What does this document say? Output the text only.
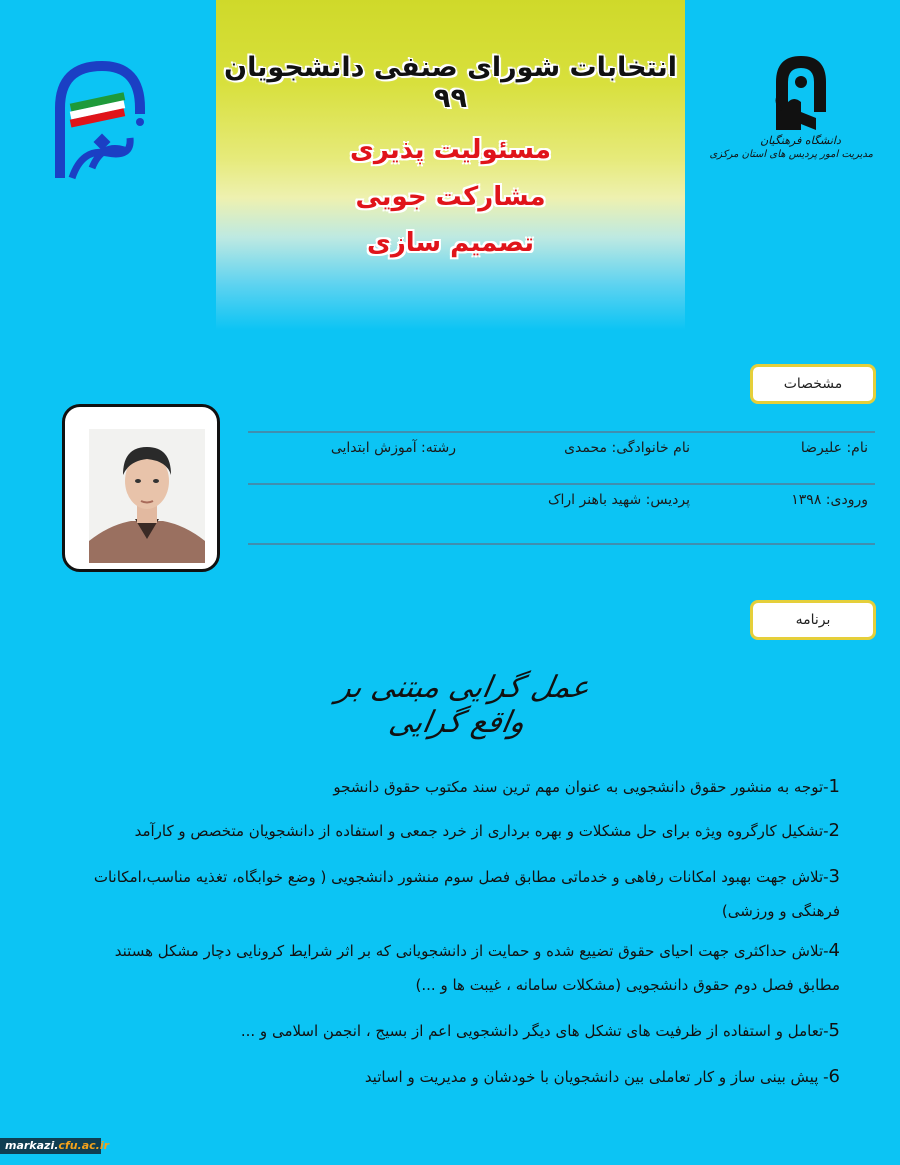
انتخابات شورای صنفی دانشجویان ۹۹
مسئولیت پذیری
مشارکت جویی
تصمیم سازی
دانشگاه فرهنگیان
مدیریت امور پردیس های استان مرکزی
مشخصات
نام: علیرضا
نام خانوادگی: محمدی
رشته: آموزش ابتدایی
ورودی: ۱۳۹۸
پردیس: شهید باهنر اراک
برنامه
عمل گرایی مبتنی بر واقع گرایی
1-توجه به منشور حقوق دانشجویی به عنوان مهم ترین سند مکتوب حقوق دانشجو
2-تشکیل کارگروه ویژه برای حل مشکلات و بهره برداری از خرد جمعی و استفاده از دانشجویان متخصص و کارآمد
3-تلاش جهت بهبود امکانات رفاهی و خدماتی مطابق فصل سوم منشور دانشجویی ( وضع خوابگاه، تغذیه مناسب،امکانات فرهنگی و ورزشی)
4-تلاش حداکثری جهت احیای حقوق تضییع شده و حمایت از دانشجویانی که بر اثر شرایط کرونایی دچار مشکل هستند مطابق فصل دوم حقوق دانشجویی (مشکلات سامانه ، غیبت ها و ...)
5-تعامل و استفاده از ظرفیت های تشکل های دیگر دانشجویی اعم از بسیج ، انجمن اسلامی و ...
6- پیش بینی ساز و کار تعاملی بین دانشجویان با خودشان و مدیریت و اساتید
markazi.cfu.ac.ir
